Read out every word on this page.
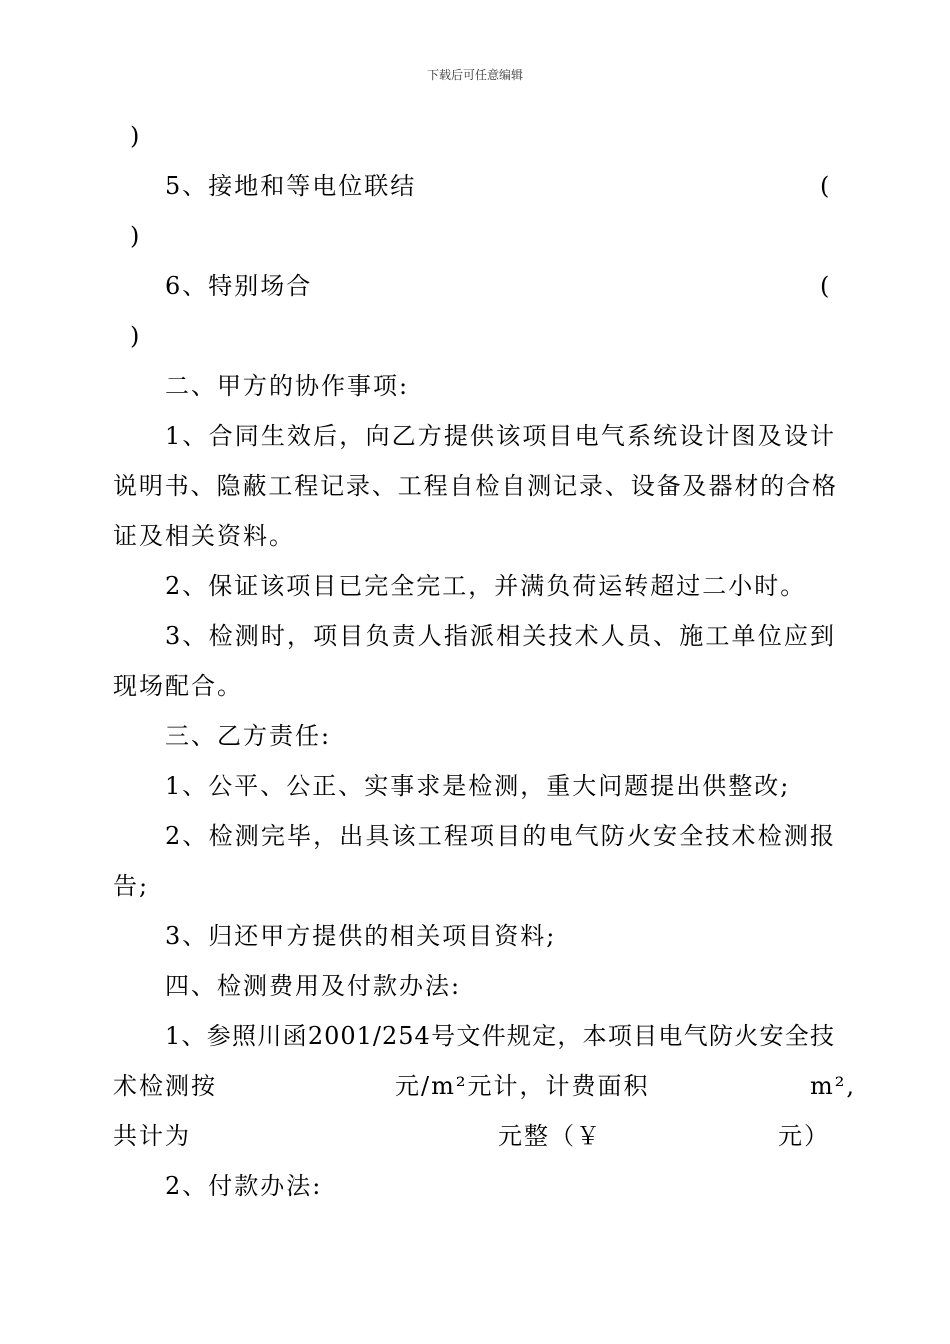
下载后可任意编辑
)
5、接地和等电位联结	(
)
6、特别场合	(
)
二、甲方的协作事项:
1、合同生效后，向乙方提供该项目电气系统设计图及设计
说明书、隐蔽工程记录、工程自检自测记录、设备及器材的合格
证及相关资料。
2、保证该项目已完全完工，并满负荷运转超过二小时。
3、检测时，项目负责人指派相关技术人员、施工单位应到
现场配合。
三、乙方责任:
1、公平、公正、实事求是检测，重大问题提出供整改;
2、检测完毕，出具该工程项目的电气防火安全技术检测报
告;
3、归还甲方提供的相关项目资料;
四、检测费用及付款办法:
1、参照川函2001/254号文件规定，本项目电气防火安全技
术检测按	元/m²元计，计费面积	m²,
共计为	元整（￥	元）
2、付款办法:
